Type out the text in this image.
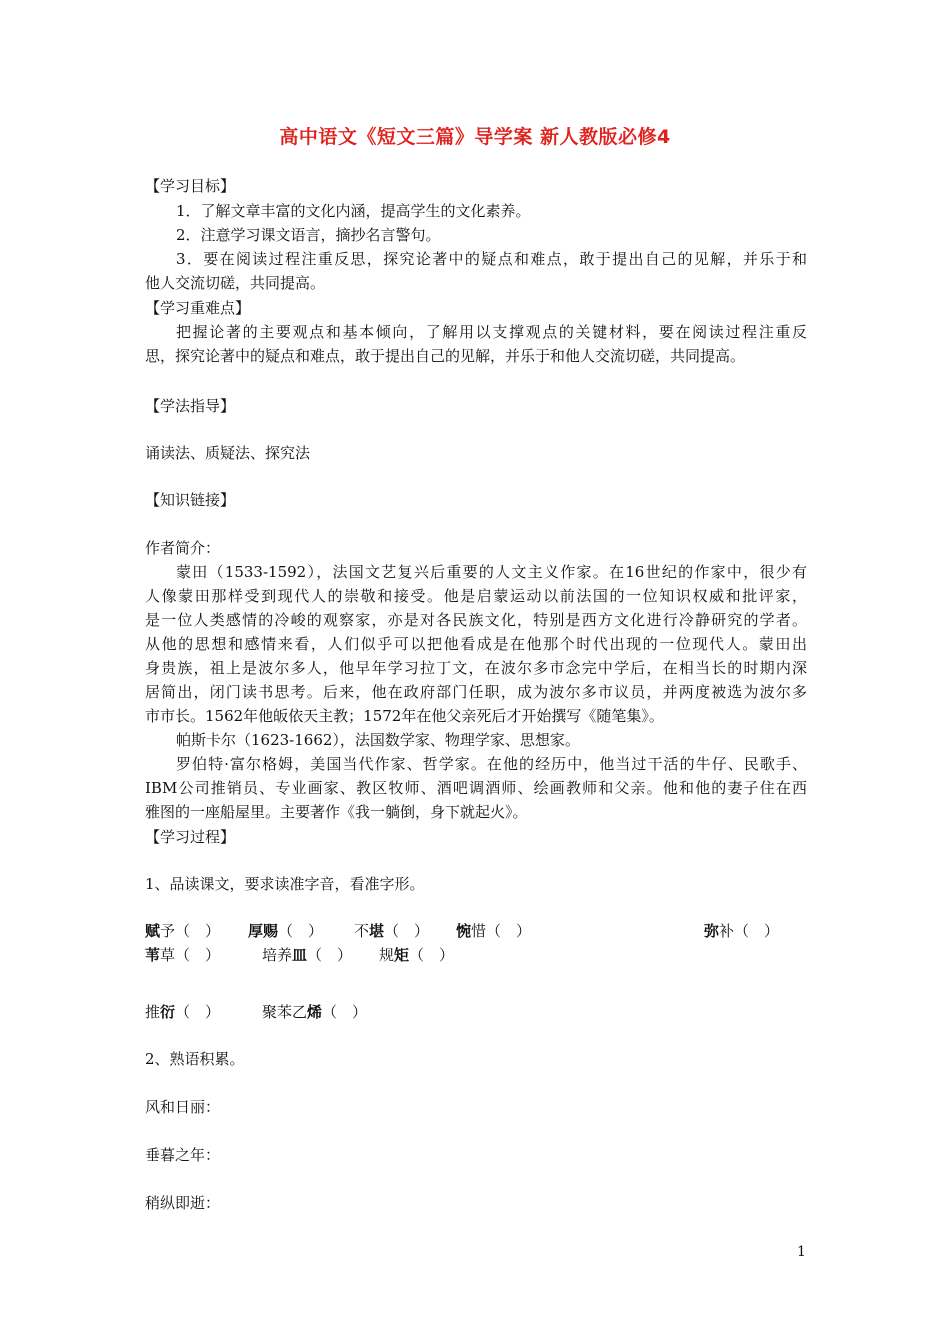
高中语文《短文三篇》导学案 新人教版必修4
【学习目标】
1．了解文章丰富的文化内涵，提高学生的文化素养。
2．注意学习课文语言，摘抄名言警句。
3．要在阅读过程注重反思，探究论著中的疑点和难点，敢于提出自己的见解，并乐于和
他人交流切磋，共同提高。
【学习重难点】
把握论著的主要观点和基本倾向，了解用以支撑观点的关键材料，要在阅读过程注重反
思，探究论著中的疑点和难点，敢于提出自己的见解，并乐于和他人交流切磋，共同提高。
【学法指导】
诵读法、质疑法、探究法
【知识链接】
作者简介：
蒙田（1533-1592），法国文艺复兴后重要的人文主义作家。在16世纪的作家中，很少有
人像蒙田那样受到现代人的崇敬和接受。他是启蒙运动以前法国的一位知识权威和批评家，
是一位人类感情的冷峻的观察家，亦是对各民族文化，特别是西方文化进行冷静研究的学者。
从他的思想和感情来看，人们似乎可以把他看成是在他那个时代出现的一位现代人。蒙田出
身贵族，祖上是波尔多人，他早年学习拉丁文，在波尔多市念完中学后，在相当长的时期内深
居简出，闭门读书思考。后来，他在政府部门任职，成为波尔多市议员，并两度被选为波尔多
市市长。1562年他皈依天主教；1572年在他父亲死后才开始撰写《随笔集》。
帕斯卡尔（1623-1662），法国数学家、物理学家、思想家。
罗伯特·富尔格姆，美国当代作家、哲学家。在他的经历中，他当过干活的牛仔、民歌手、
IBM公司推销员、专业画家、教区牧师、酒吧调酒师、绘画教师和父亲。他和他的妻子住在西
雅图的一座船屋里。主要著作《我一躺倒，身下就起火》。
【学习过程】
1、品读课文，要求读准字音，看准字形。
赋予（　） 厚赐（　） 不堪（　） 惋惜（　）	弥补（　）
苇草（　）	培养皿（　） 规矩（　）
推衍（　）	聚苯乙烯（　）
2、熟语积累。
风和日丽：
垂暮之年：
稍纵即逝：
1
